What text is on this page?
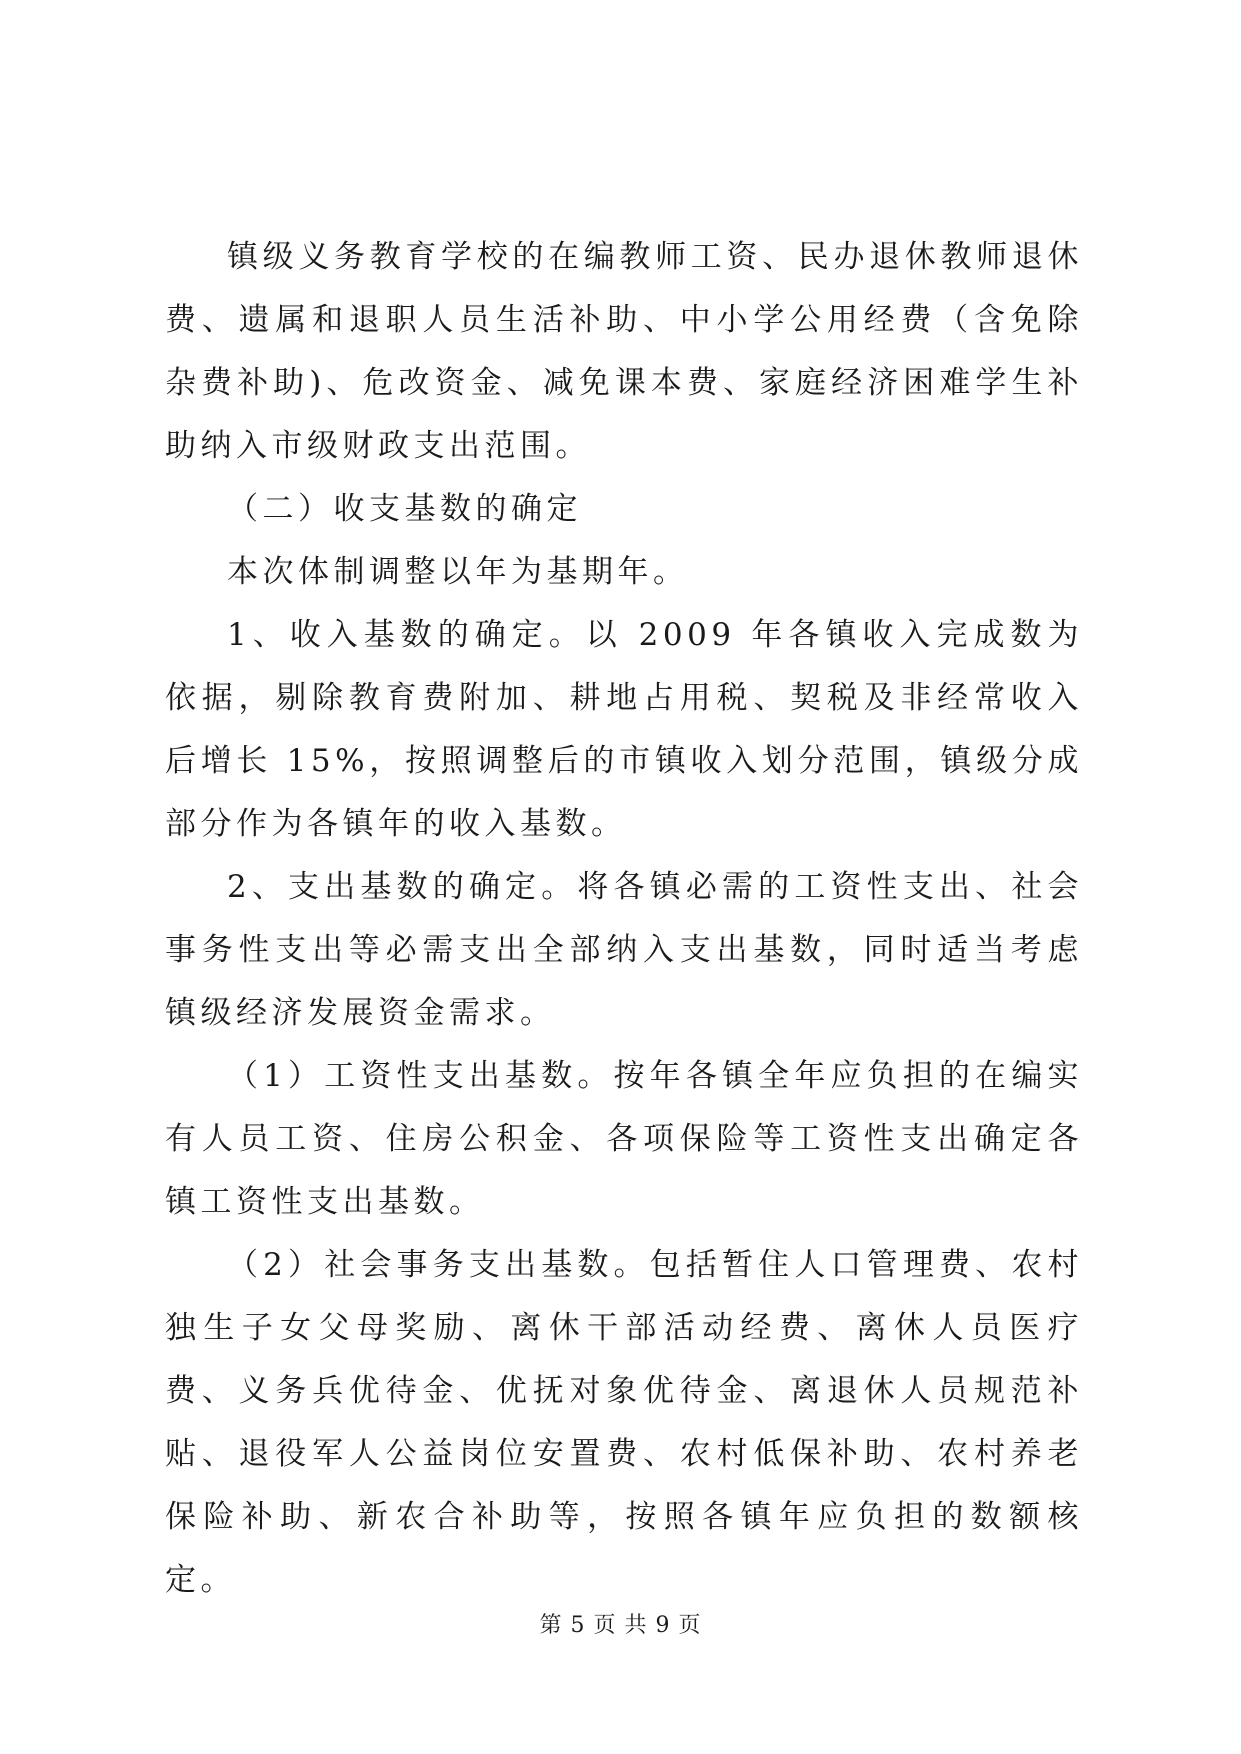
镇级义务教育学校的在编教师工资、民办退休教师退休费、遗属和退职人员生活补助、中小学公用经费（含免除杂费补助)、危改资金、减免课本费、家庭经济困难学生补助纳入市级财政支出范围。

（二）收支基数的确定

本次体制调整以年为基期年。

1、收入基数的确定。以 2009 年各镇收入完成数为依据，剔除教育费附加、耕地占用税、契税及非经常收入后增长 15%，按照调整后的市镇收入划分范围，镇级分成部分作为各镇年的收入基数。

2、支出基数的确定。将各镇必需的工资性支出、社会事务性支出等必需支出全部纳入支出基数，同时适当考虑镇级经济发展资金需求。

（1）工资性支出基数。按年各镇全年应负担的在编实有人员工资、住房公积金、各项保险等工资性支出确定各镇工资性支出基数。

（2）社会事务支出基数。包括暂住人口管理费、农村独生子女父母奖励、离休干部活动经费、离休人员医疗费、义务兵优待金、优抚对象优待金、离退休人员规范补贴、退役军人公益岗位安置费、农村低保补助、农村养老保险补助、新农合补助等，按照各镇年应负担的数额核定。

第 5 页 共 9 页
